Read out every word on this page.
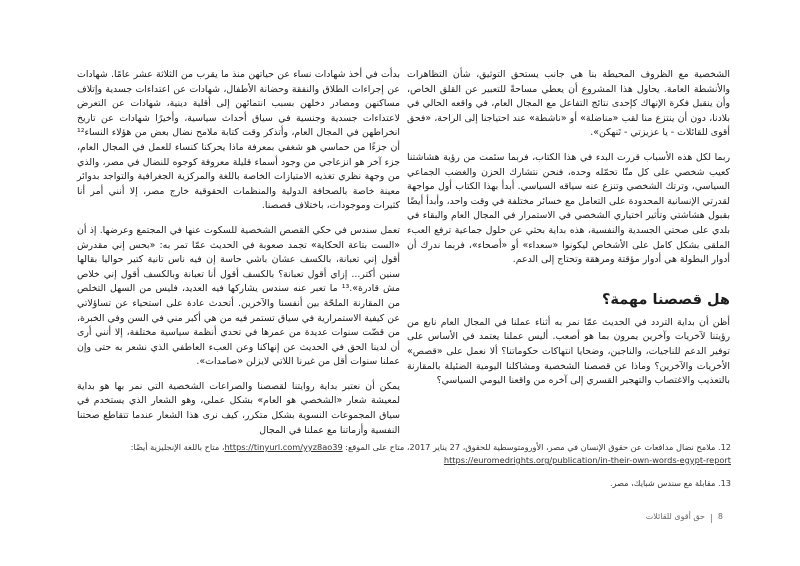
الشخصية مع الظروف المحيطة بنا هي جانب يستحق التوثيق، شأن التظاهرات والأنشطة العامة. يحاول هذا المشروع أن يعطي مساحةً للتعبير عن القلق الخاص، وأن ينقبل فكرة الإنهاك كإحدى نتائج التفاعل مع المجال العام، في واقعه الحالي في بلادنا، دون أن ينتزع منا لقب «مناضلة» أو «ناشطة» عند احتياجنا إلى الراحة، «فحق أقوى للقائلات - يا عزيزتي - تَنهكن».

ربما لكل هذه الأسباب قررت البدء في هذا الكتاب، فربما سئمت من رؤية هشاشتنا كعيب شخصي على كل منّا تحمّله وحده، فنحن نتشارك الحزن والغضب الجماعي السياسي، وترتك الشخصي وتنزع عنه سياقه السياسي. أبدأ بهذا الكتاب أول مواجهة لقدرتي الإنسانية المحدودة على التعامل مع خسائر مختلفة في وقت واحد، وأبدأ أيضًا بقبول هشاشتي وتأثير اختياري الشخصي في الاستمرار في المجال العام والبقاء في بلدي على صحتي الجسدية والنفسية، هذه بداية بحثي عن حلول جماعية ترفع العبء الملقى بشكل كامل على الأشخاص ليكونوا «سعداء» أو «أصحاء»، فربما ندرك أن أدوار البطولة هي أدوار مؤقتة ومرهقة وتحتاج إلى الدعم.

هل قصصنا مهمة؟

أظن أن بداية التردد في الحديث عمّا نمر به أثناء عملنا في المجال العام نابع من رؤيتنا لآخريات وآخرين يمرون بما هو أصعب. أليس عملنا يعتمد في الأساس على توفير الدعم للناجيات، والناجين، وضحايا انتهاكات حكوماتنا؟ ألا نعمل على «قصص» الأخريات والآخرين؟ وماذا عن قصصنا الشخصية ومشاكلنا اليومية الضئيلة بالمقارنة بالتعذيب والاغتصاب والتهجير القسري إلى آخره من واقعنا اليومي السياسي؟

بدأت في أخذ شهادات نساء عن حياتهن منذ ما يقرب من الثلاثة عشر عامًا. شهادات عن إجراءات الطلاق والنفقة وحضانة الأطفال، شهادات عن اعتداءات جسدية وإتلاف مساكنهن ومصادر دخلهن بسبب انتمائهن إلى أقلية دينية، شهادات عن التعرض لاعتداءات جسدية وجنسية في سياق أحداث سياسية، وأخيرًا شهادات عن تاريخ انخراطهن في المجال العام، وأتذكر وقت كتابة ملامح نضال بعض من هؤلاء النساء¹² أن جزءًا من حماسي هو شغفي بمعرفة ماذا يحركنا كنساء للعمل في المجال العام، جزء آخر هو انزعاجي من وجود أسماء قليلة معروفة كوجوه للنضال في مصر، والذي من وجهة نظري تغذيه الامتيازات الخاصة باللغة والمركزية الجغرافية والتواجد بدوائر معينة خاصة بالصحافة الدولية والمنظمات الحقوقية خارج مصر، إلا أنني أمر أنا كثيرات وموجودات، باختلاف قصصنا.

تعمل سندس في حكي القصص الشخصية للسكوت عنها في المجتمع وعرضها. إذ أن «الست بتاعة الحكاية» تجمد صعوبة في الحديث عمّا تمر به: «بحس إني مقدرش أقول إني تعبانة، بالكسف عشان باشي حاسة إن فيه ناس تانية كتير حواليا بقالها سنين أكتر... إزاي أقول تعبانة؟ بالكسف أقول أنا تعبانة وبالكسف أقول إني خلاص مش قادرة».¹³ ما تعبر عنه سندس يشاركها فيه العديد، فليس من السهل التخلص من المقارنة الملحّة بين أنفسنا والآخرين. أتحدث عادة على استحياء عن تساؤلاتي عن كيفية الاستمرارية في سياق تستمر فيه من هي أكبر مني في السن وفي الخبرة، من قضّت سنوات عديدة من عمرها في تحدي أنظمة سياسية مختلفة، إلا أنني أرى أن لدينا الحق في الحديث عن إنهاكنا وعن العبء العاطفي الذي نشعر به حتى وإن عملنا سنوات أقل من غيرنا اللاتي لايزلن «صامدات».

يمكن أن نعتبر بداية روايتنا لقصصنا والصراعات الشخصية التي نمر بها هو بداية لمعيشة شعار «الشخصي هو العام» بشكل عملي، وهو الشعار الذي يستخدم في سياق المجموعات النسوية بشكل متكرر، كيف نرى هذا الشعار عندما تتقاطع صحتنا النفسية وأزماتنا مع عملنا في المجال

12. ملامح نضال مدافعات عن حقوق الإنسان في مصر، الأورومتوسطية للحقوق، 27 يناير 2017، متاح على الموقع: https://tinyurl.com/yyz8ao39، متاح باللغة الإنجليزية أيضًا: https://euromedrights.org/publication/in-their-own-words-egypt-report
13. مقابلة مع سندس شبايك، مصر.
8
حق أقوى للقائلات
